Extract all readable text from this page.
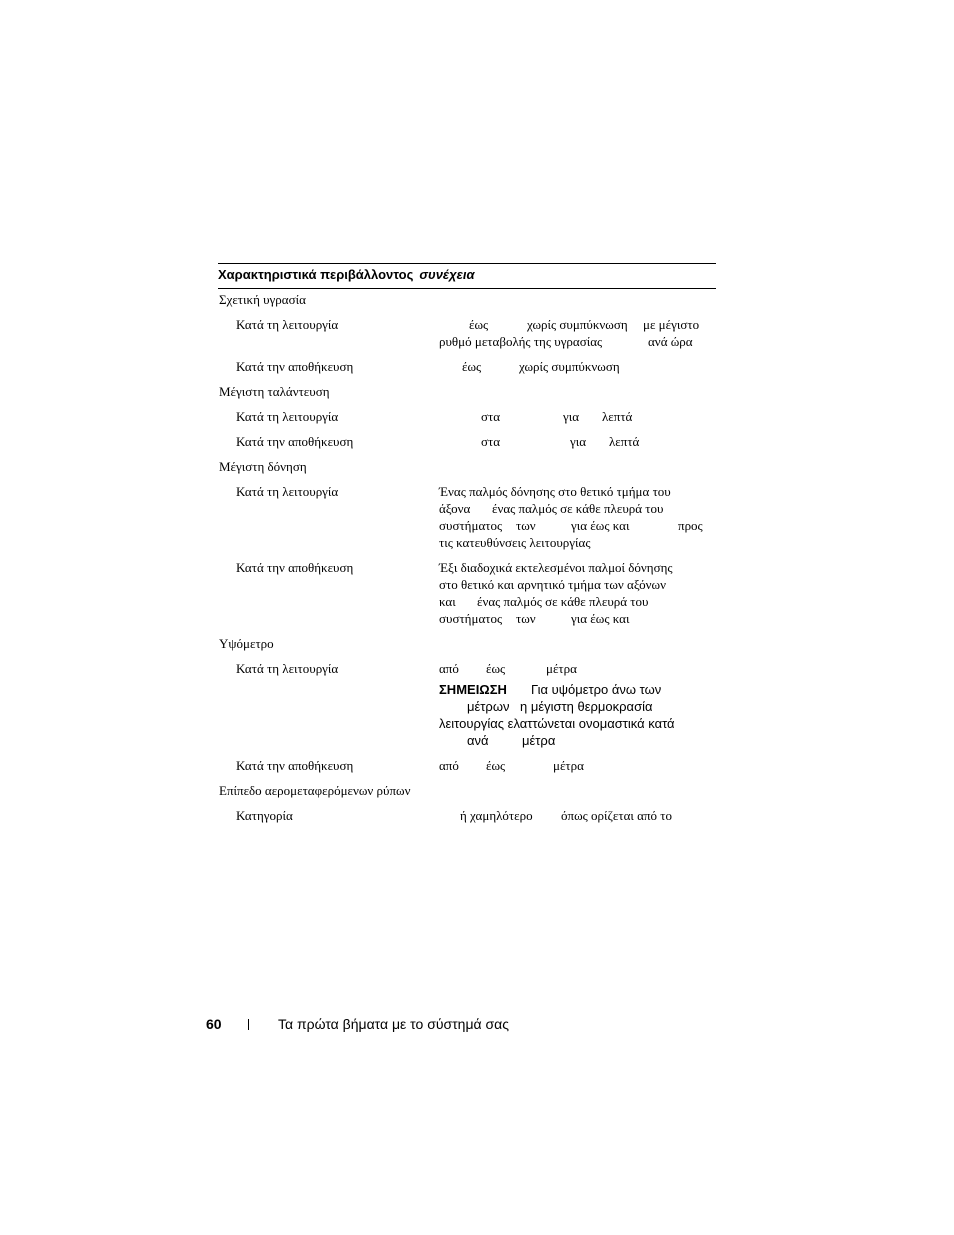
Χαρακτηριστικά περιβάλλοντος συνέχεια
Σχετική υγρασία
Κατά τη λειτουργία	έως	χωρίς συμπύκνωση με μέγιστο
ρυθμό μεταβολής της υγρασίας	ανά ώρα
Κατά την αποθήκευση	έως	χωρίς συμπύκνωση
Μέγιστη ταλάντευση
Κατά τη λειτουργία	στα	για λεπτά
Κατά την αποθήκευση	στα	για λεπτά
Μέγιστη δόνηση
Κατά τη λειτουργία	Ένας παλμός δόνησης στο θετικό τμήμα του
άξονα ένας παλμός σε κάθε πλευρά του
συστήματος των	για έως και	προς
τις κατευθύνσεις λειτουργίας
Κατά την αποθήκευση	Έξι διαδοχικά εκτελεσμένοι παλμοί δόνησης
στο θετικό και αρνητικό τμήμα των αξόνων
και ένας παλμός σε κάθε πλευρά του
συστήματος των	για έως και
Υψόμετρο
Κατά τη λειτουργία	από έως	μέτρα
ΣΗΜΕΙΩΣΗ Για υψόμετρο άνω των
μέτρων η μέγιστη θερμοκρασία
λειτουργίας ελαττώνεται ονομαστικά κατά
ανά	μέτρα
Κατά την αποθήκευση	από έως	μέτρα
Επίπεδο αερομεταφερόμενων ρύπων
Κατηγορία	ή χαμηλότερο όπως ορίζεται από το
60	Τα πρώτα βήματα με το σύστημά σας
